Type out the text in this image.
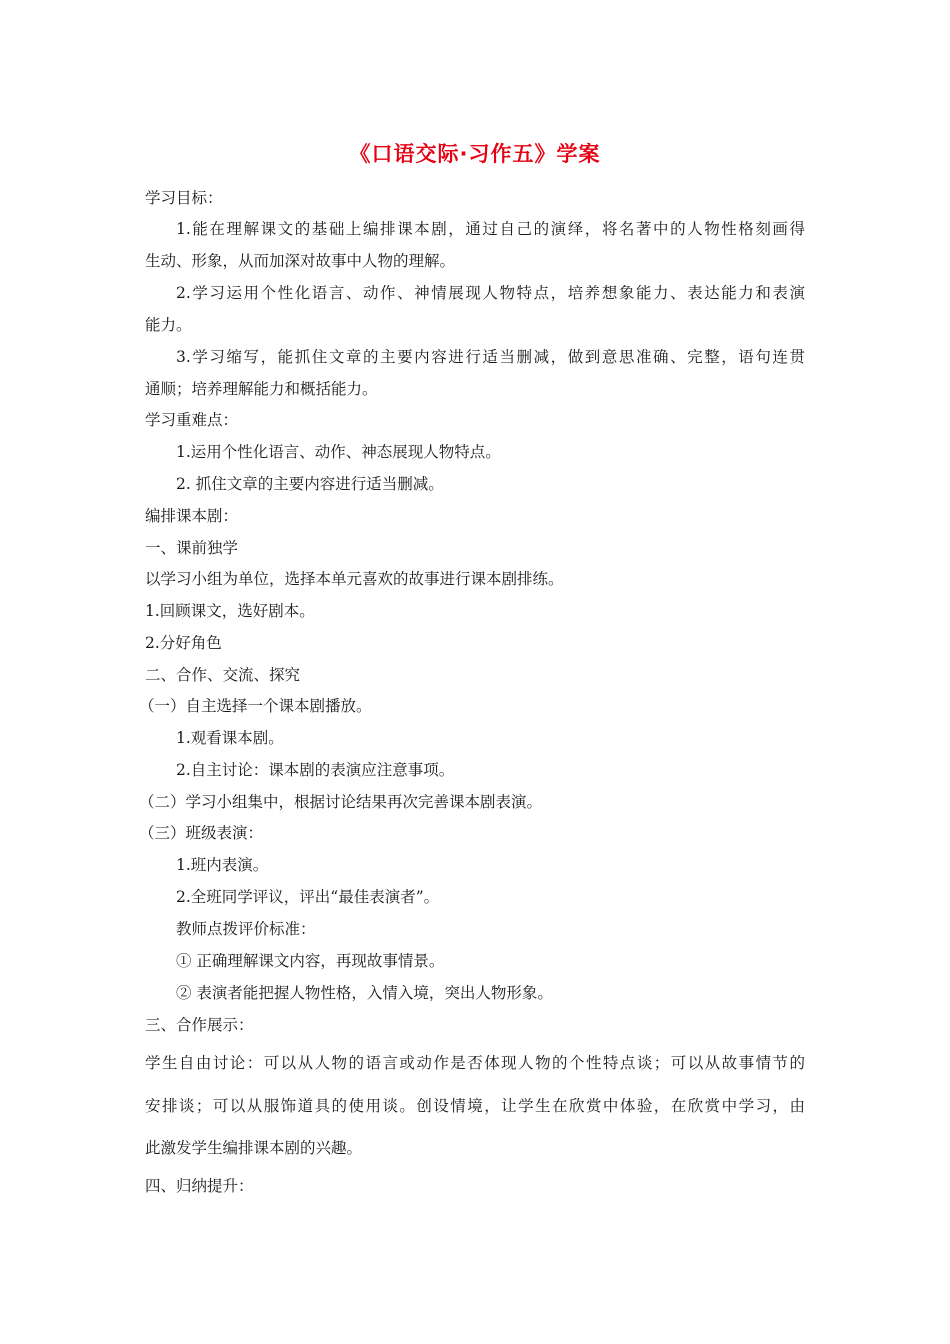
《口语交际·习作五》学案
学习目标：
1.能在理解课文的基础上编排课本剧，通过自己的演绎，将名著中的人物性格刻画得
生动、形象，从而加深对故事中人物的理解。
2.学习运用个性化语言、动作、神情展现人物特点，培养想象能力、表达能力和表演
能力。
3.学习缩写，能抓住文章的主要内容进行适当删减，做到意思准确、完整，语句连贯
通顺；培养理解能力和概括能力。
学习重难点：
1.运用个性化语言、动作、神态展现人物特点。
2. 抓住文章的主要内容进行适当删减。
编排课本剧：
一、课前独学
以学习小组为单位，选择本单元喜欢的故事进行课本剧排练。
1.回顾课文，选好剧本。
2.分好角色
二、合作、交流、探究
（一）自主选择一个课本剧播放。
1.观看课本剧。
2.自主讨论：课本剧的表演应注意事项。
（二）学习小组集中，根据讨论结果再次完善课本剧表演。
（三）班级表演：
1.班内表演。
2.全班同学评议，评出“最佳表演者”。
教师点拨评价标准：
① 正确理解课文内容，再现故事情景。
② 表演者能把握人物性格，入情入境，突出人物形象。
三、合作展示：
学生自由讨论：可以从人物的语言或动作是否体现人物的个性特点谈；可以从故事情节的
安排谈；可以从服饰道具的使用谈。创设情境，让学生在欣赏中体验，在欣赏中学习，由
此激发学生编排课本剧的兴趣。
四、归纳提升：
